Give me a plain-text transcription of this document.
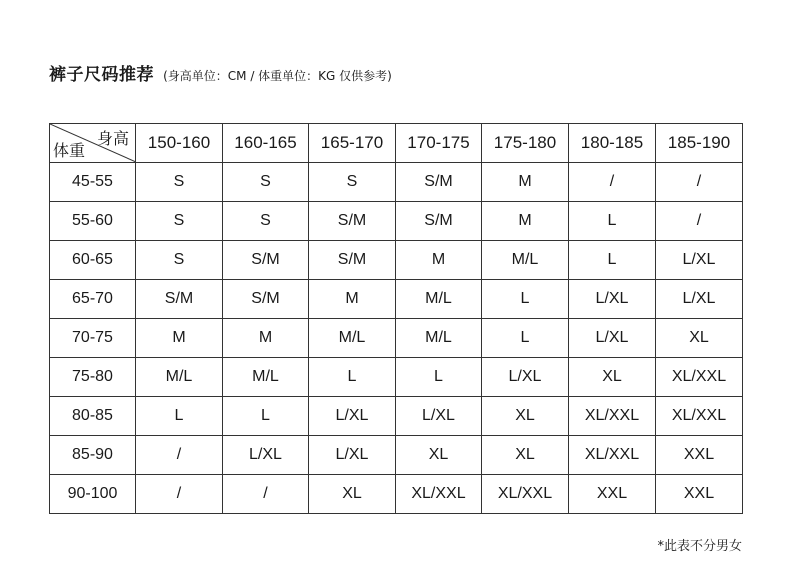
裤子尺码推荐 (身高单位：CM / 体重单位：KG 仅供参考)
身高
体重	150-160	160-165	165-170	170-175	175-180	180-185	185-190
45-55	S	S	S	S/M	M	/	/
55-60	S	S	S/M	S/M	M	L	/
60-65	S	S/M	S/M	M	M/L	L	L/XL
65-70	S/M	S/M	M	M/L	L	L/XL	L/XL
70-75	M	M	M/L	M/L	L	L/XL	XL
75-80	M/L	M/L	L	L	L/XL	XL	XL/XXL
80-85	L	L	L/XL	L/XL	XL	XL/XXL	XL/XXL
85-90	/	L/XL	L/XL	XL	XL	XL/XXL	XXL
90-100	/	/	XL	XL/XXL	XL/XXL	XXL	XXL
*此表不分男女
